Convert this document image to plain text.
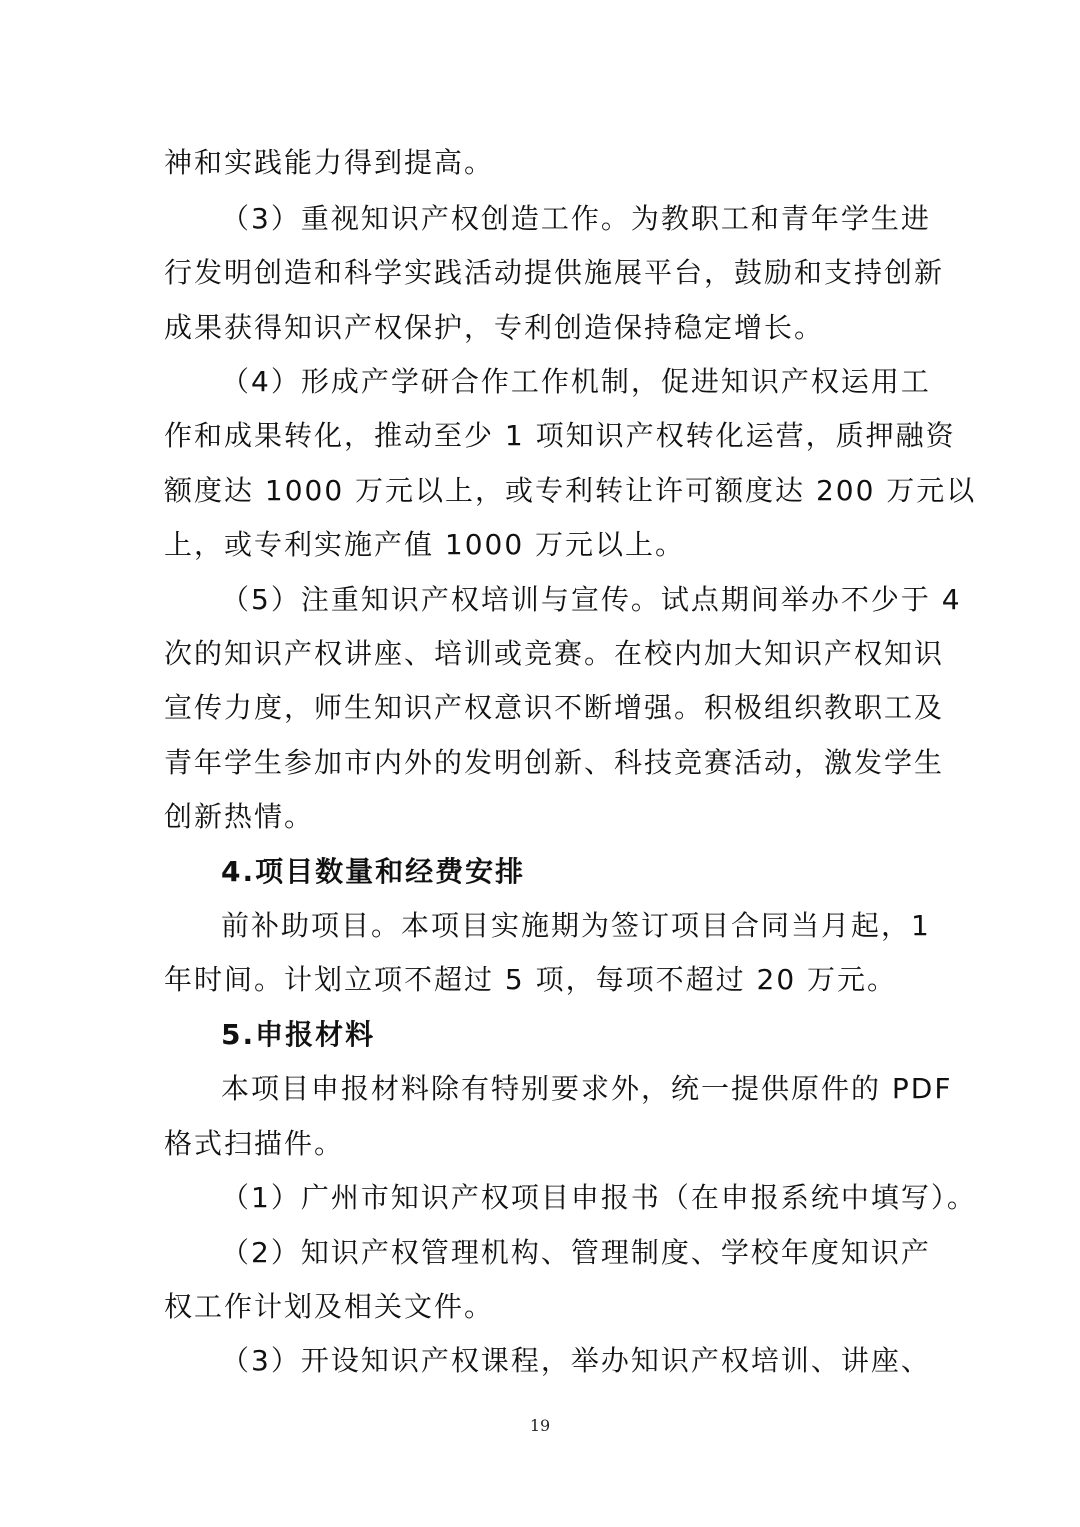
神和实践能力得到提高。
（3）重视知识产权创造工作。为教职工和青年学生进
行发明创造和科学实践活动提供施展平台，鼓励和支持创新
成果获得知识产权保护，专利创造保持稳定增长。
（4）形成产学研合作工作机制，促进知识产权运用工
作和成果转化，推动至少 1 项知识产权转化运营，质押融资
额度达 1000 万元以上，或专利转让许可额度达 200 万元以
上，或专利实施产值 1000 万元以上。
（5）注重知识产权培训与宣传。试点期间举办不少于 4
次的知识产权讲座、培训或竞赛。在校内加大知识产权知识
宣传力度，师生知识产权意识不断增强。积极组织教职工及
青年学生参加市内外的发明创新、科技竞赛活动，激发学生
创新热情。
4.项目数量和经费安排
前补助项目。本项目实施期为签订项目合同当月起，1
年时间。计划立项不超过 5 项，每项不超过 20 万元。
5.申报材料
本项目申报材料除有特别要求外，统一提供原件的 PDF
格式扫描件。
（1）广州市知识产权项目申报书（在申报系统中填写）。
（2）知识产权管理机构、管理制度、学校年度知识产
权工作计划及相关文件。
（3）开设知识产权课程，举办知识产权培训、讲座、
19
